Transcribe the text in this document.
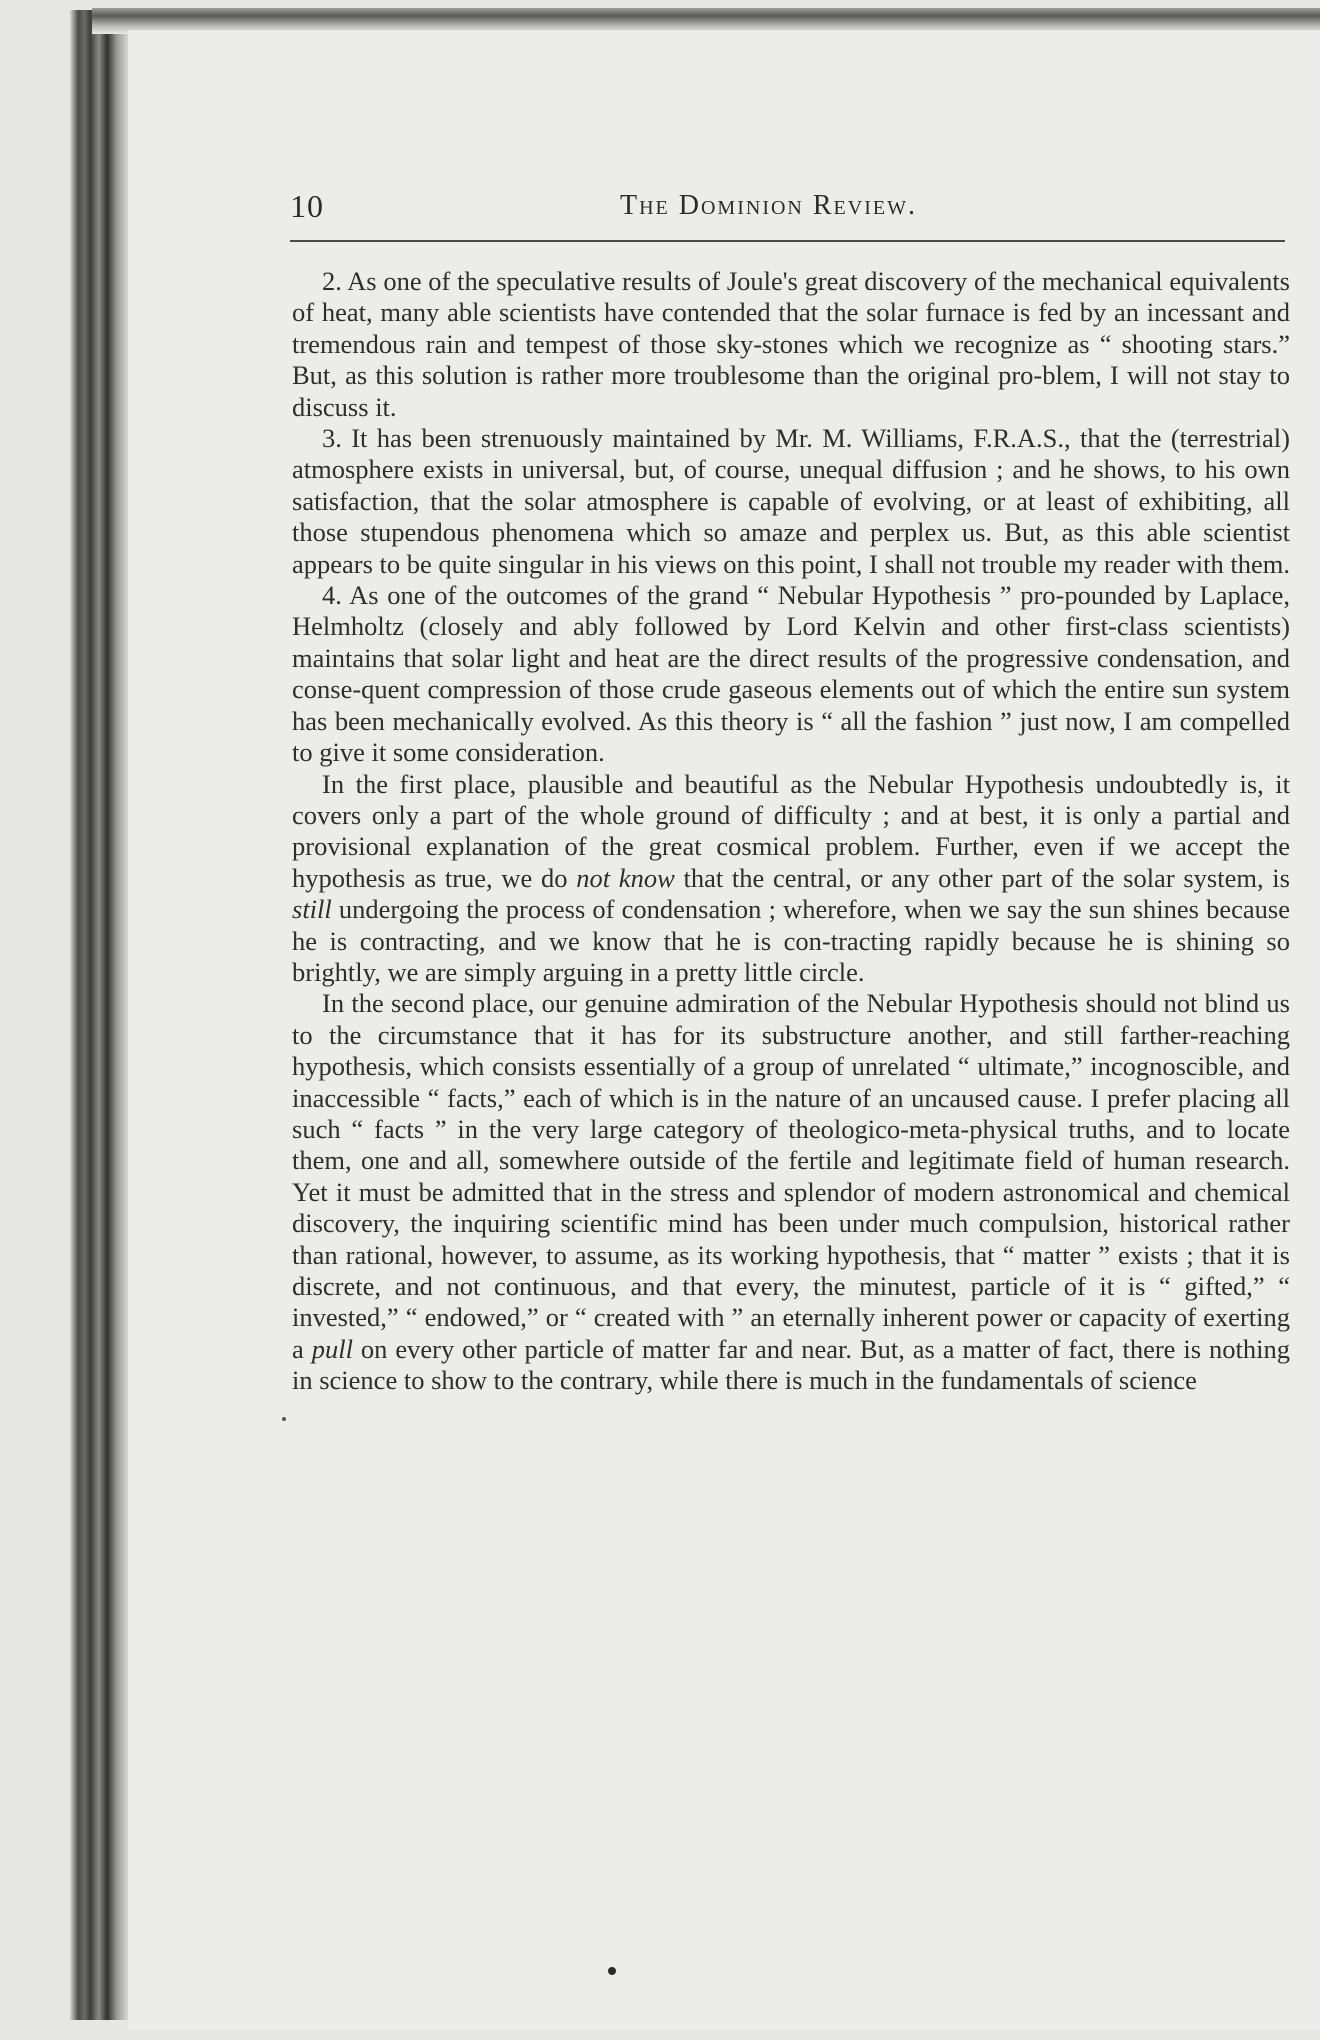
10	The Dominion Review.

2. As one of the speculative results of Joule's great discovery of the mechanical equivalents of heat, many able scientists have contended that the solar furnace is fed by an incessant and tremendous rain and tempest of those sky-stones which we recognize as “ shooting stars.” But, as this solution is rather more troublesome than the original pro-blem, I will not stay to discuss it.

3. It has been strenuously maintained by Mr. M. Williams, F.R.A.S., that the (terrestrial) atmosphere exists in universal, but, of course, unequal diffusion ; and he shows, to his own satisfaction, that the solar atmosphere is capable of evolving, or at least of exhibiting, all those stupendous phenomena which so amaze and perplex us. But, as this able scientist appears to be quite singular in his views on this point, I shall not trouble my reader with them.

4. As one of the outcomes of the grand “ Nebular Hypothesis ” pro-pounded by Laplace, Helmholtz (closely and ably followed by Lord Kelvin and other first-class scientists) maintains that solar light and heat are the direct results of the progressive condensation, and conse-quent compression of those crude gaseous elements out of which the entire sun system has been mechanically evolved. As this theory is “ all the fashion ” just now, I am compelled to give it some consideration.

In the first place, plausible and beautiful as the Nebular Hypothesis undoubtedly is, it covers only a part of the whole ground of difficulty ; and at best, it is only a partial and provisional explanation of the great cosmical problem. Further, even if we accept the hypothesis as true, we do not know that the central, or any other part of the solar system, is still undergoing the process of condensation ; wherefore, when we say the sun shines because he is contracting, and we know that he is con-tracting rapidly because he is shining so brightly, we are simply arguing in a pretty little circle.

In the second place, our genuine admiration of the Nebular Hypothesis should not blind us to the circumstance that it has for its substructure another, and still farther-reaching hypothesis, which consists essentially of a group of unrelated “ ultimate,” incognoscible, and inaccessible “ facts,” each of which is in the nature of an uncaused cause. I prefer placing all such “ facts ” in the very large category of theologico-meta-physical truths, and to locate them, one and all, somewhere outside of the fertile and legitimate field of human research. Yet it must be admitted that in the stress and splendor of modern astronomical and chemical discovery, the inquiring scientific mind has been under much compulsion, historical rather than rational, however, to assume, as its working hypothesis, that “ matter ” exists ; that it is discrete, and not continuous, and that every, the minutest, particle of it is “ gifted,” “ invested,” “ endowed,” or “ created with ” an eternally inherent power or capacity of exerting a pull on every other particle of matter far and near. But, as a matter of fact, there is nothing in science to show to the contrary, while there is much in the fundamentals of science
